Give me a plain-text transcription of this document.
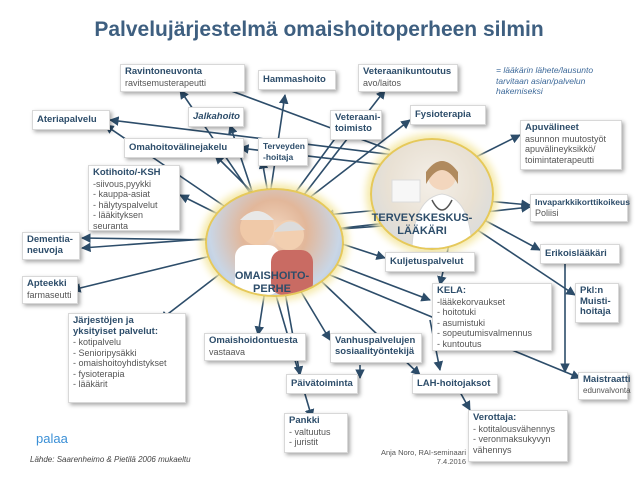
Palvelujärjestelmä omaishoitoperheen silmin
OMAISHOITO-
PERHE
TERVEYSKESKUS-
LÄÄKÄRI
= lääkärin lähete/lausunto
tarvitaan asian/palvelun
hakemiseksi
Ravintoneuvonta
ravitsemusterapeutti	Hammashoito
Veteraanikuntoutus
avo/laitos
Ateriapalvelu	Jalkahoito	Veteraani-
toimisto
Fysioterapia
Apuvälineet
asunnon muutostyöt
apuvälineyksikkö/
toimintaterapeutti
Omahoitovälinejakelu	Terveyden
-hoitaja
Kotihoito/-KSH
-siivous,pyykki
- kauppa-asiat
- hälytyspalvelut
- lääkityksen
seuranta
Invaparkkikorttikoikeus
Poliisi
Dementia-
neuvoja	Erikoislääkäri
Kuljetuspalvelut
Apteekki
farmaseutti	KELA:
-lääkekorvaukset
- hoitotuki
- asumistuki
- sopeutumisvalmennus
- kuntoutus
Pkl:n
Muisti-
hoitaja
Järjestöjen ja
yksityiset palvelut:
- kotipalvelu
- Senioripysäkki
- omaishoitoyhdistykset
- fysioterapia
- lääkärit
Omaishoidontuesta
vastaava
Vanhuspalvelujen
sosiaalityöntekijä
Maistraatti
edunvalvonta
Päivätoiminta	LAH-hoitojaksot
Verottaja:
- kotitalousvähennys
- veronmaksukyvyn
vähennys
Pankki
- valtuutus
- juristit
palaa
Lähde: Saarenheimo & Pietilä 2006 mukaeltu
Anja Noro, RAI-seminaari
7.4.2016
